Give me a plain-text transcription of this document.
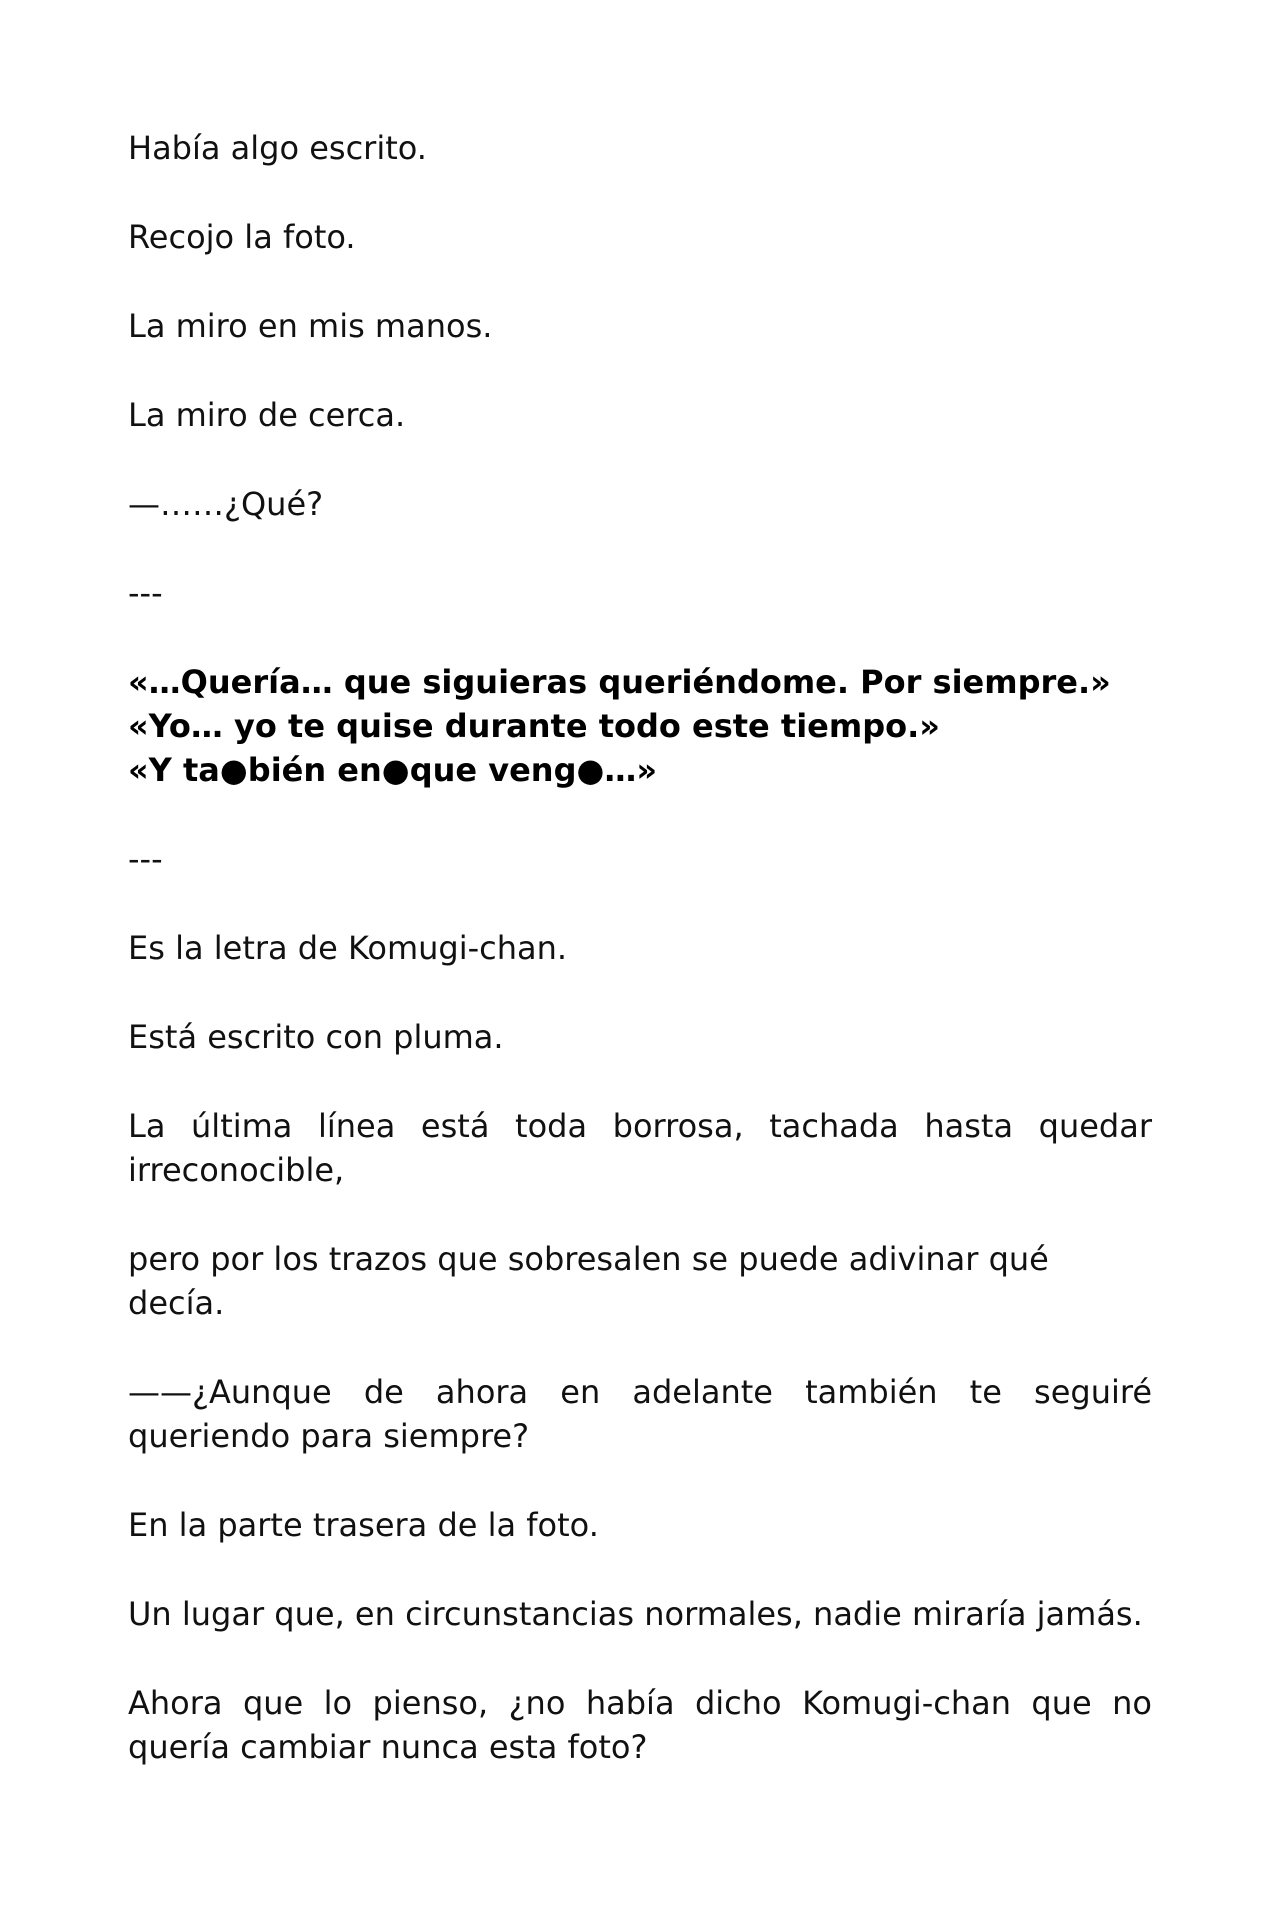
Había algo escrito.

Recojo la foto.

La miro en mis manos.

La miro de cerca.

—……¿Qué?

---
«…Quería… que siguieras queriéndome. Por siempre.»
«Yo… yo te quise durante todo este tiempo.»
«Y ta●bién en●que veng●…»
---

Es la letra de Komugi-chan.

Está escrito con pluma.

La última línea está toda borrosa, tachada hasta quedar irreconocible,

pero por los trazos que sobresalen se puede adivinar qué decía.

——¿Aunque de ahora en adelante también te seguiré queriendo para siempre?

En la parte trasera de la foto.

Un lugar que, en circunstancias normales, nadie miraría jamás.

Ahora que lo pienso, ¿no había dicho Komugi-chan que no quería cambiar nunca esta foto?
